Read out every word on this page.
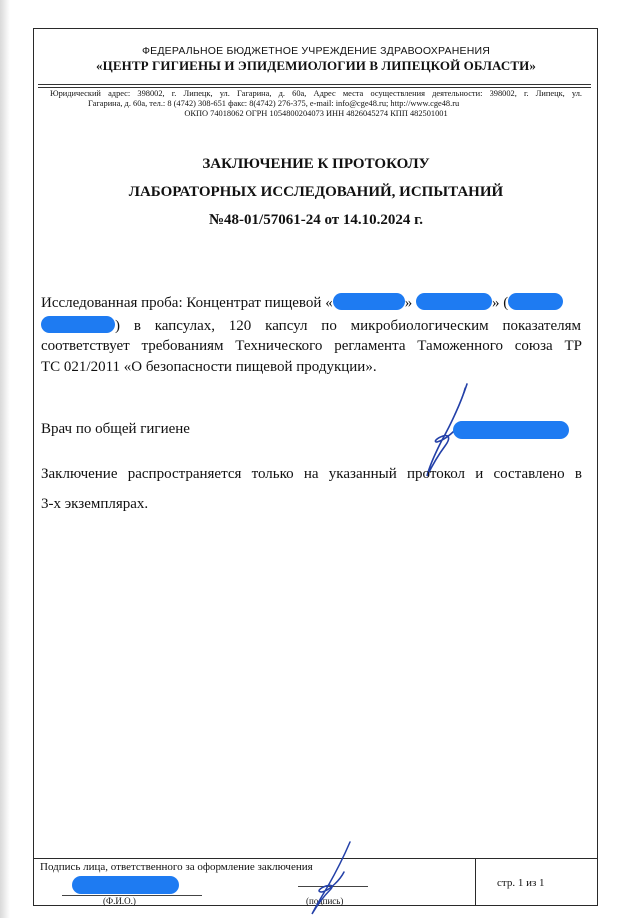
ФЕДЕРАЛЬНОЕ БЮДЖЕТНОЕ УЧРЕЖДЕНИЕ ЗДРАВООХРАНЕНИЯ
«ЦЕНТР ГИГИЕНЫ И ЭПИДЕМИОЛОГИИ В ЛИПЕЦКОЙ ОБЛАСТИ»
Юридический адрес: 398002, г. Липецк, ул. Гагарина, д. 60а, Адрес места осуществления деятельности: 398002, г. Липецк, ул.
Гагарина, д. 60а, тел.: 8 (4742) 308-651 факс: 8(4742) 276-375, e-mail: info@cge48.ru; http://www.cge48.ru
ОКПО 74018062 ОГРН 1054800204073 ИНН 4826045274 КПП 482501001
ЗАКЛЮЧЕНИЕ К ПРОТОКОЛУ
ЛАБОРАТОРНЫХ ИССЛЕДОВАНИЙ, ИСПЫТАНИЙ
№48-01/57061-24 от 14.10.2024 г.
Исследованная проба: Концентрат пищевой «	»	» (
) в капсулах, 120 капсул по микробиологическим показателям
соответствует требованиям Технического регламента Таможенного союза ТР
ТС 021/2011 «О безопасности пищевой продукции».
Врач по общей гигиене
Заключение распространяется только на указанный протокол и составлено в
3-х экземплярах.
Подпись лица, ответственного за оформление заключения
(Ф.И.О.)	(подпись)
стр. 1 из 1
